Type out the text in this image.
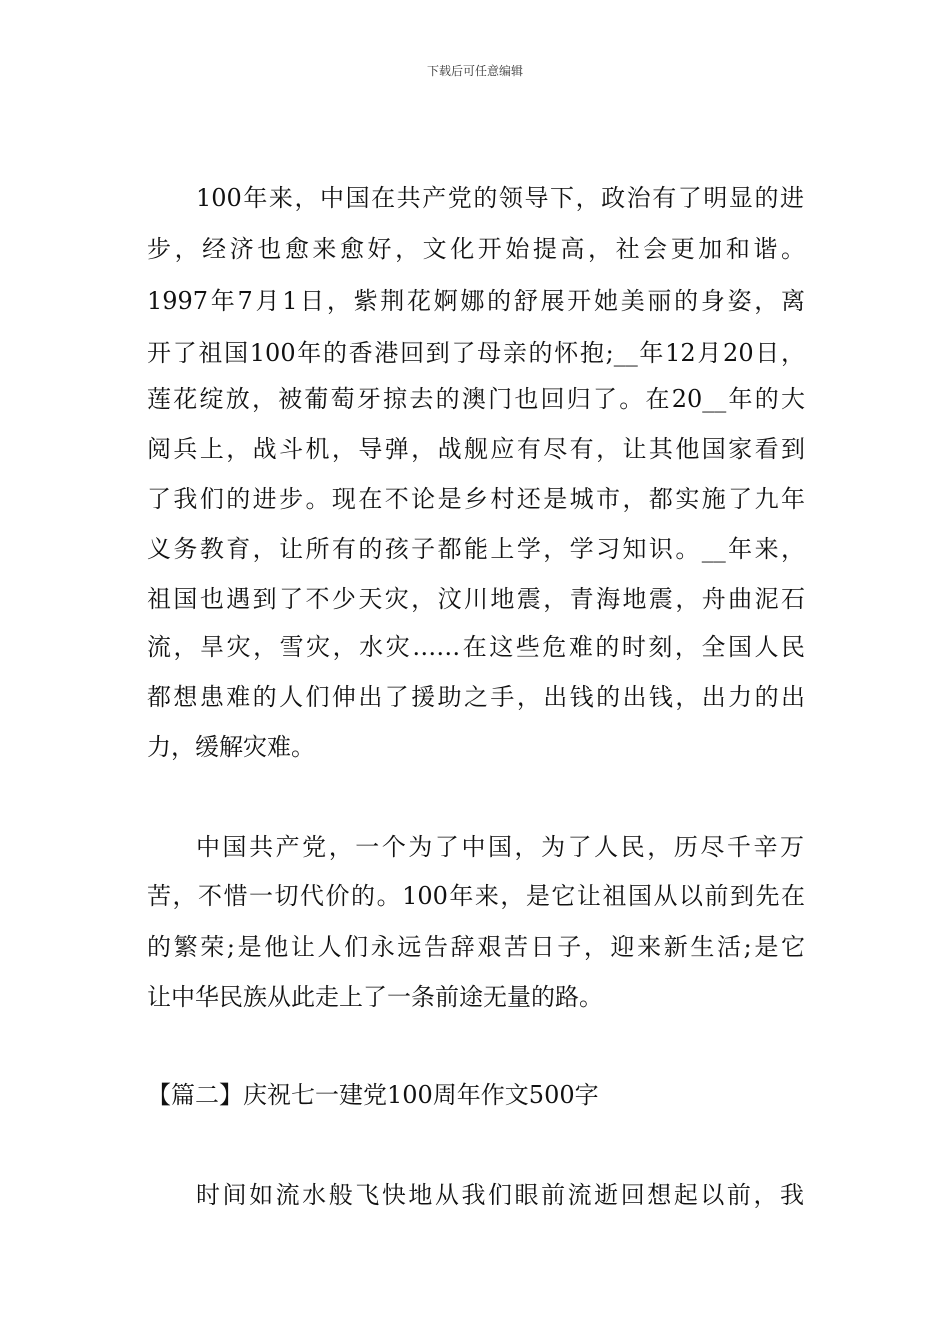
下载后可任意编辑
100年来，中国在共产党的领导下，政治有了明显的进
步，经济也愈来愈好，文化开始提高，社会更加和谐。
1997年7月1日，紫荆花婀娜的舒展开她美丽的身姿，离
开了祖国100年的香港回到了母亲的怀抱;__年12月20日，
莲花绽放，被葡萄牙掠去的澳门也回归了。在20__年的大
阅兵上，战斗机，导弹，战舰应有尽有，让其他国家看到
了我们的进步。现在不论是乡村还是城市，都实施了九年
义务教育，让所有的孩子都能上学，学习知识。__年来，
祖国也遇到了不少天灾，汶川地震，青海地震，舟曲泥石
流，旱灾，雪灾，水灾……在这些危难的时刻，全国人民
都想患难的人们伸出了援助之手，出钱的出钱，出力的出
力，缓解灾难。
中国共产党，一个为了中国，为了人民，历尽千辛万
苦，不惜一切代价的。100年来，是它让祖国从以前到先在
的繁荣;是他让人们永远告辞艰苦日子，迎来新生活;是它
让中华民族从此走上了一条前途无量的路。
【篇二】庆祝七一建党100周年作文500字
时间如流水般飞快地从我们眼前流逝回想起以前，我
